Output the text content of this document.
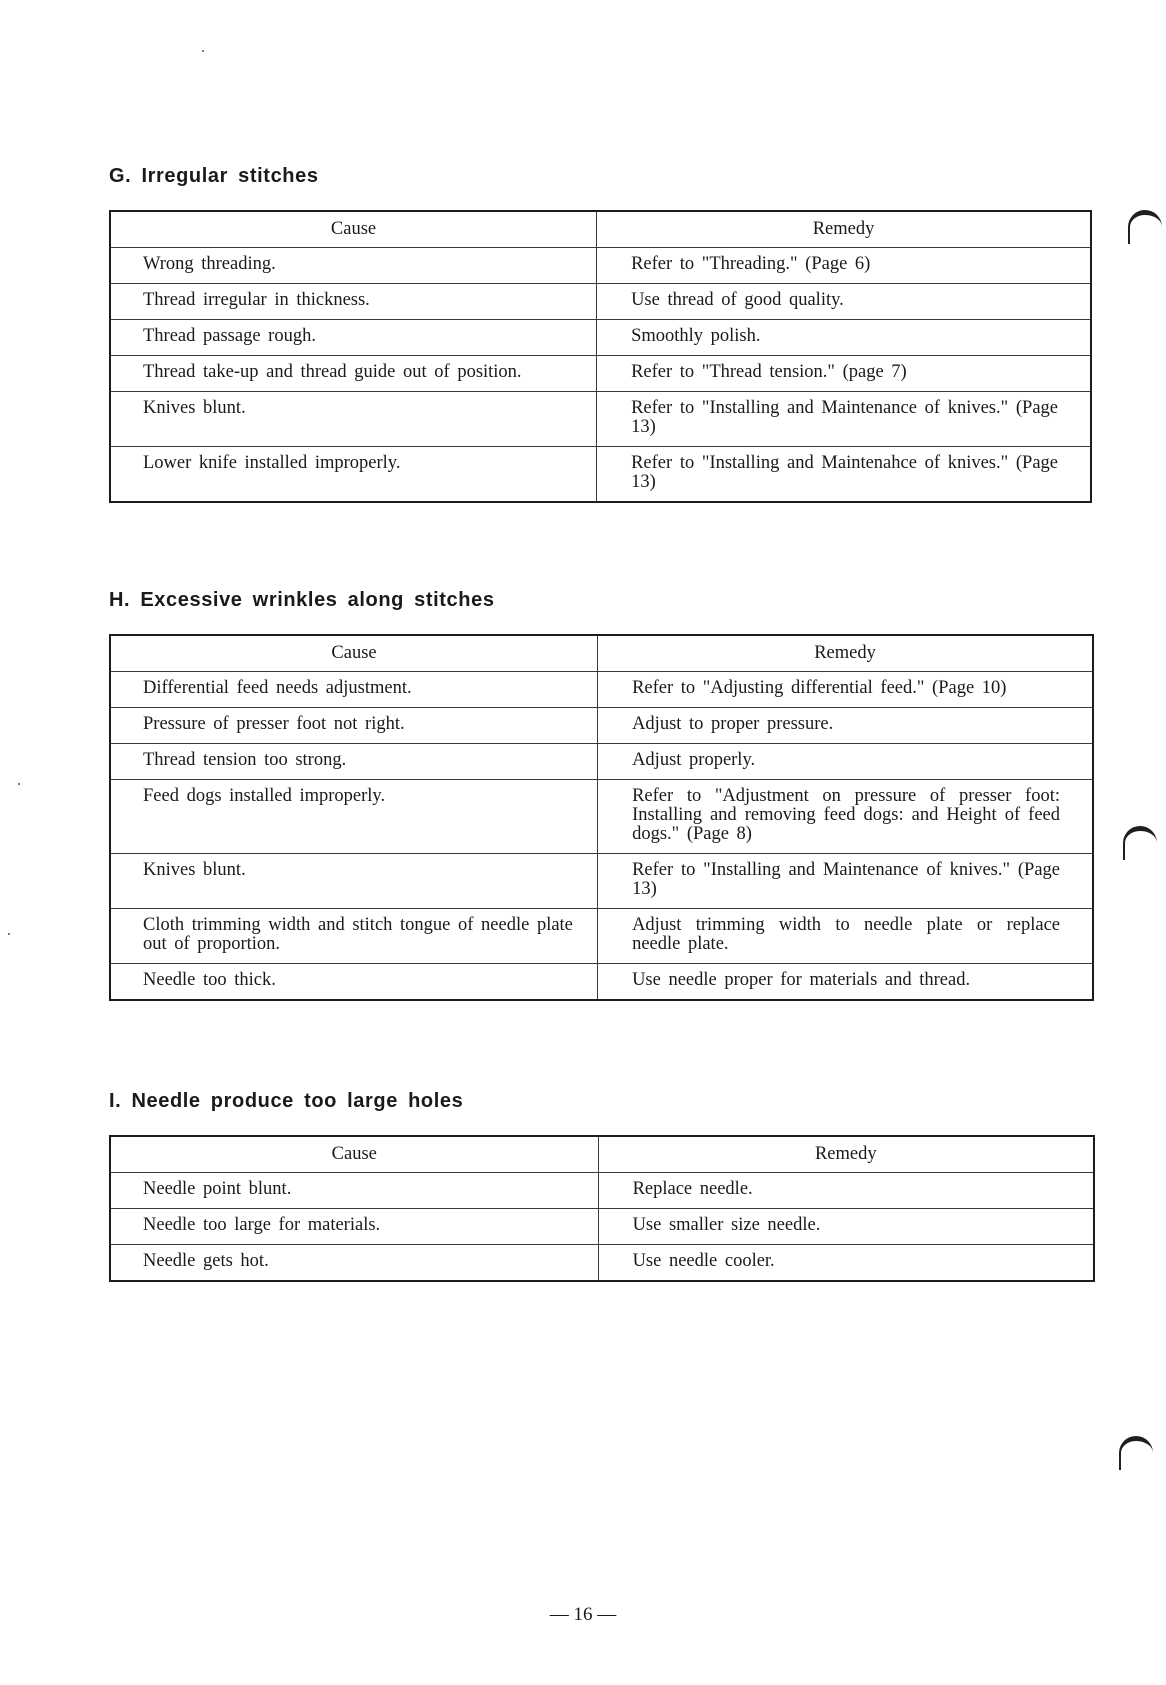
G. Irregular stitches
Cause	Remedy
Wrong threading.	Refer to "Threading." (Page 6)
Thread irregular in thickness.	Use thread of good quality.
Thread passage rough.	Smoothly polish.
Thread take-up and thread guide out of position.	Refer to "Thread tension." (page 7)
Knives blunt.	Refer to "Installing and Maintenance of knives." (Page 13)
Lower knife installed improperly.	Refer to "Installing and Maintenahce of knives." (Page 13)
H. Excessive wrinkles along stitches
Cause	Remedy
Differential feed needs adjustment.	Refer to "Adjusting differential feed." (Page 10)
Pressure of presser foot not right.	Adjust to proper pressure.
Thread tension too strong.	Adjust properly.
Feed dogs installed improperly.	Refer to "Adjustment on pressure of presser foot: Installing and removing feed dogs: and Height of feed dogs." (Page 8)
Knives blunt.	Refer to "Installing and Maintenance of knives." (Page 13)
Cloth trimming width and stitch tongue of needle plate out of proportion.	Adjust trimming width to needle plate or replace needle plate.
Needle too thick.	Use needle proper for materials and thread.
I. Needle produce too large holes
Cause	Remedy
Needle point blunt.	Replace needle.
Needle too large for materials.	Use smaller size needle.
Needle gets hot.	Use needle cooler.
— 16 —
